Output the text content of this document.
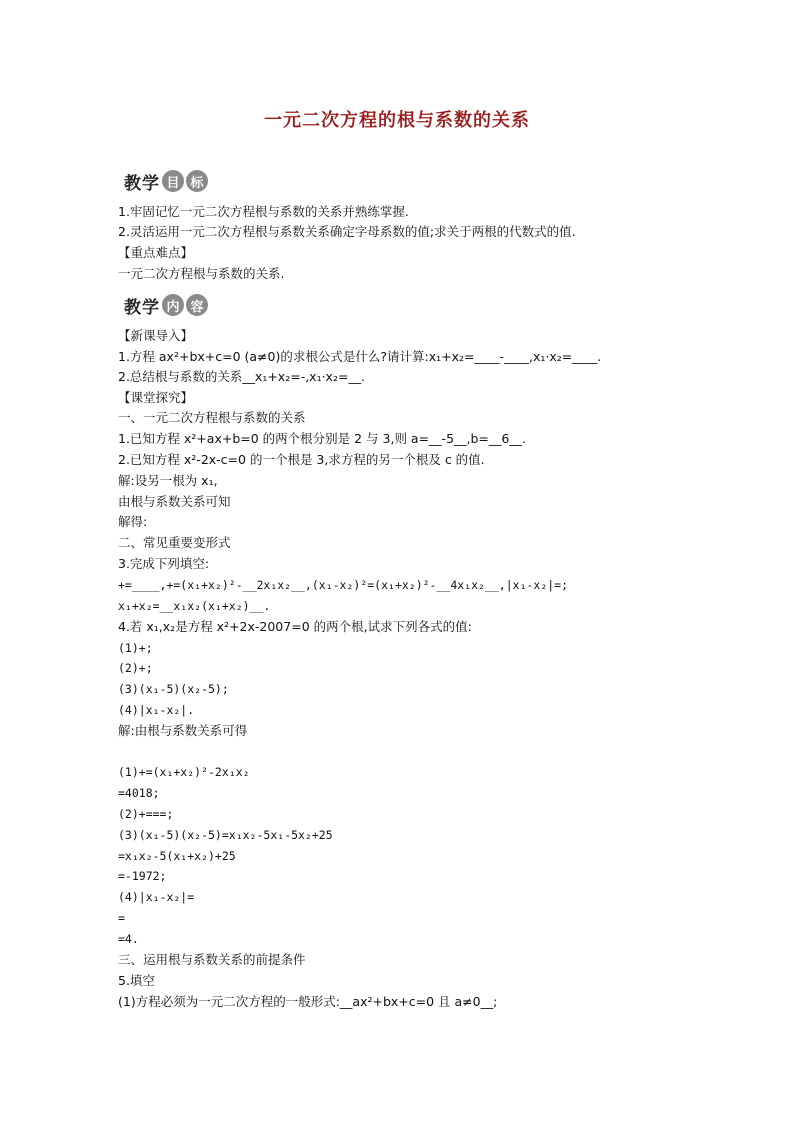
一元二次方程的根与系数的关系
教学 目 标
1.牢固记忆一元二次方程根与系数的关系并熟练掌握.
2.灵活运用一元二次方程根与系数关系确定字母系数的值;求关于两根的代数式的值.
【重点难点】
一元二次方程根与系数的关系.
教学 内 容
【新课导入】
1.方程 ax²+bx+c=0 (a≠0)的求根公式是什么?请计算:x₁+x₂=____-____,x₁·x₂=____.
2.总结根与系数的关系__x₁+x₂=-,x₁·x₂=__.
【课堂探究】
一、一元二次方程根与系数的关系
1.已知方程 x²+ax+b=0 的两个根分别是 2 与 3,则 a=__-5__,b=__6__.
2.已知方程 x²-2x-c=0 的一个根是 3,求方程的另一个根及 c 的值.
解:设另一根为 x₁,
由根与系数关系可知
解得:
二、常见重要变形式
3.完成下列填空:
+=____,+=(x₁+x₂)²-__2x₁x₂__,(x₁-x₂)²=(x₁+x₂)²-__4x₁x₂__,|x₁-x₂|=;
x₁+x₂=__x₁x₂(x₁+x₂)__.
4.若 x₁,x₂是方程 x²+2x-2007=0 的两个根,试求下列各式的值:
(1)+;
(2)+;
(3)(x₁-5)(x₂-5);
(4)|x₁-x₂|.
解:由根与系数关系可得
(1)+=(x₁+x₂)²-2x₁x₂
=4018;
(2)+===;
(3)(x₁-5)(x₂-5)=x₁x₂-5x₁-5x₂+25
=x₁x₂-5(x₁+x₂)+25
=-1972;
(4)|x₁-x₂|=
=
=4.
三、运用根与系数关系的前提条件
5.填空
(1)方程必须为一元二次方程的一般形式:__ax²+bx+c=0 且 a≠0__;
